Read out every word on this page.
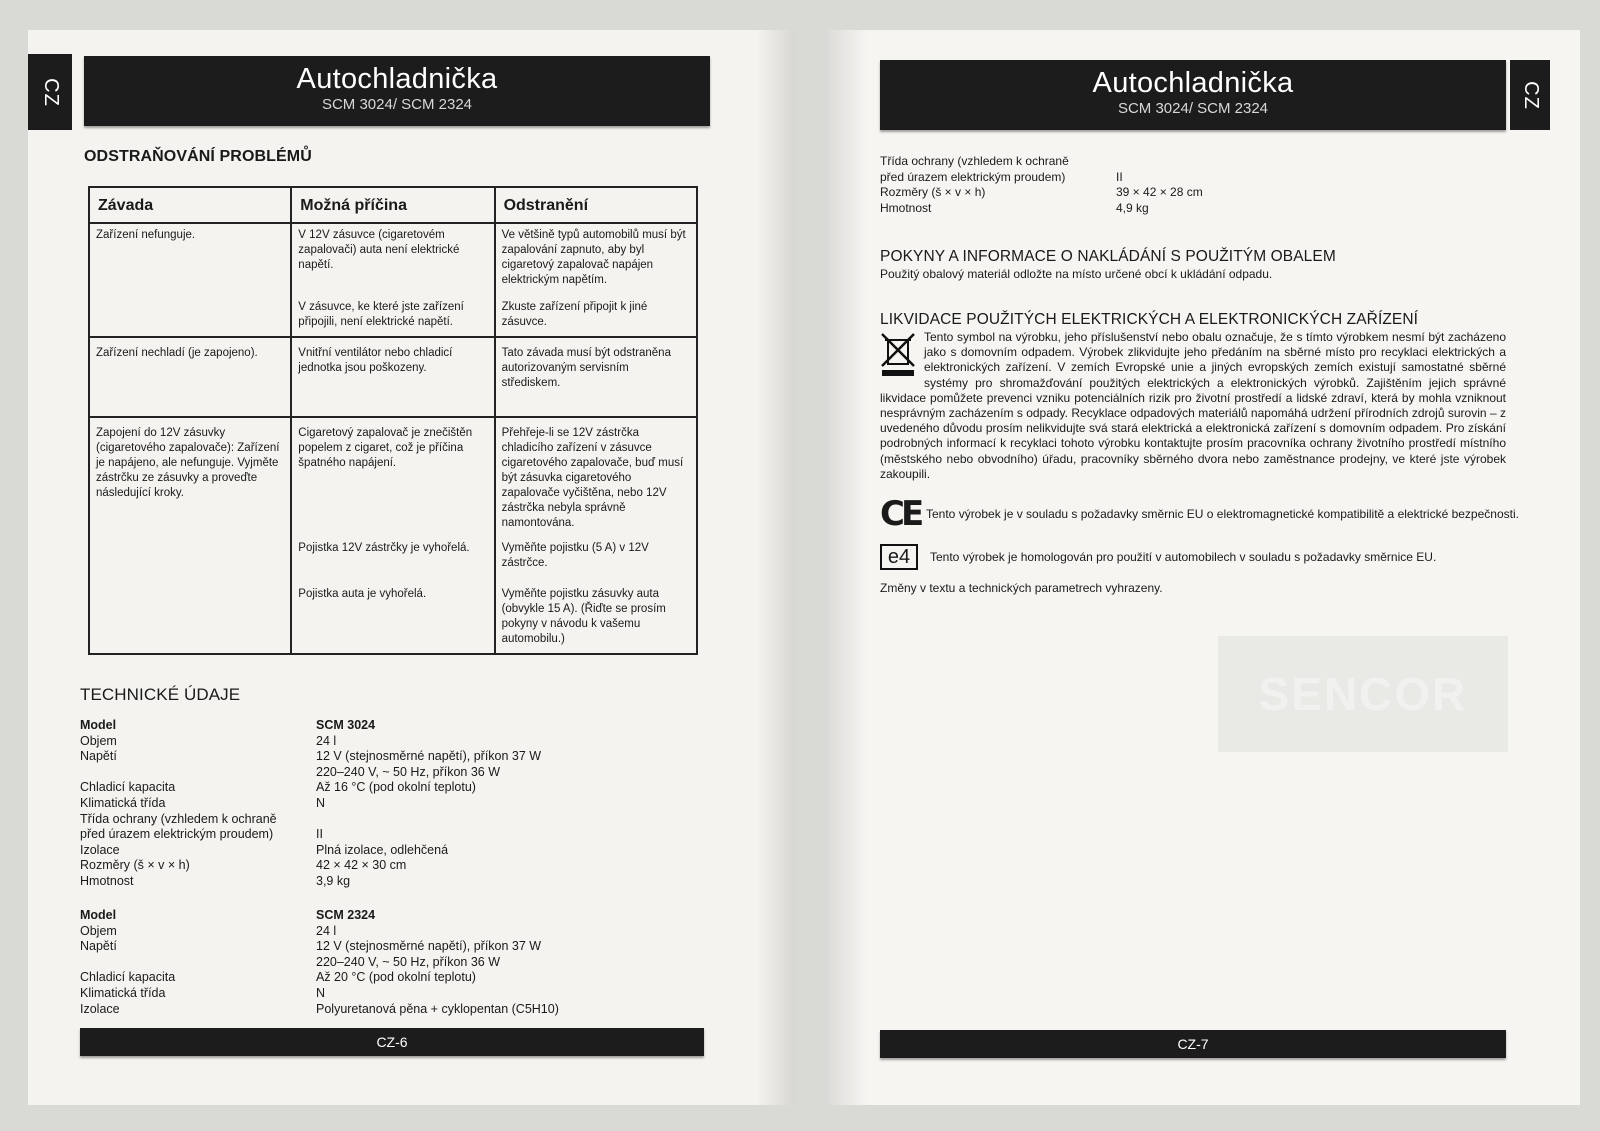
CZ	Autochladnička
SCM 3024/ SCM 2324
ODSTRAŇOVÁNÍ PROBLÉMŮ
Závada	Možná příčina	Odstranění
Zařízení nefunguje.	V 12V zásuvce (cigaretovém zapalovači) auta není elektrické napětí.	Ve většině typů automobilů musí být zapalování zapnuto, aby byl cigaretový zapalovač napájen elektrickým napětím.
	V zásuvce, ke které jste zařízení připojili, není elektrické napětí.	Zkuste zařízení připojit k jiné zásuvce.
Zařízení nechladí (je zapojeno).	Vnitřní ventilátor nebo chladicí jednotka jsou poškozeny.	Tato závada musí být odstraněna autorizovaným servisním střediskem.
Zapojení do 12V zásuvky (cigaretového zapalovače): Zařízení je napájeno, ale nefunguje. Vyjměte zástrčku ze zásuvky a proveďte následující kroky.	Cigaretový zapalovač je znečištěn popelem z cigaret, což je příčina špatného napájení.	Přehřeje-li se 12V zástrčka chladicího zařízení v zásuvce cigaretového zapalovače, buď musí být zásuvka cigaretového zapalovače vyčištěna, nebo 12V zástrčka nebyla správně namontována.
	Pojistka 12V zástrčky je vyhořelá.	Vyměňte pojistku (5 A) v 12V zástrčce.
	Pojistka auta je vyhořelá.	Vyměňte pojistku zásuvky auta (obvykle 15 A). (Řiďte se prosím pokyny v návodu k vašemu automobilu.)
TECHNICKÉ ÚDAJE
Model	SCM 3024
Objem	24 l
Napětí	12 V (stejnosměrné napětí), příkon 37 W
220–240 V, ~ 50 Hz, příkon 36 W
Chladicí kapacita	Až 16 °C (pod okolní teplotu)
Klimatická třída	N
Třída ochrany (vzhledem k ochraně
před úrazem elektrickým proudem)	II
Izolace	Plná izolace, odlehčená
Rozměry (š × v × h)	42 × 42 × 30 cm
Hmotnost	3,9 kg
Model	SCM 2324
Objem	24 l
Napětí	12 V (stejnosměrné napětí), příkon 37 W
220–240 V, ~ 50 Hz, příkon 36 W
Chladicí kapacita	Až 20 °C (pod okolní teplotu)
Klimatická třída	N
Izolace	Polyuretanová pěna + cyklopentan (C5H10)
CZ-6
Autochladnička
SCM 3024/ SCM 2324	CZ
SENCOR
Třída ochrany (vzhledem k ochraně
před úrazem elektrickým proudem)	II
Rozměry (š × v × h)	39 × 42 × 28 cm
Hmotnost	4,9 kg
POKYNY A INFORMACE O NAKLÁDÁNÍ S POUŽITÝM OBALEM
Použitý obalový materiál odložte na místo určené obcí k ukládání odpadu.
LIKVIDACE POUŽITÝCH ELEKTRICKÝCH A ELEKTRONICKÝCH ZAŘÍZENÍ
Tento symbol na výrobku, jeho příslušenství nebo obalu označuje, že s tímto výrobkem nesmí být zacházeno jako s domovním odpadem. Výrobek zlikvidujte jeho předáním na sběrné místo pro recyklaci elektrických a elektronických zařízení. V zemích Evropské unie a jiných evropských zemích existují samostatné sběrné systémy pro shromažďování použitých elektrických a elektronických výrobků. Zajištěním jejich správné likvidace pomůžete prevenci vzniku potenciálních rizik pro životní prostředí a lidské zdraví, která by mohla vzniknout nesprávným zacházením s odpady. Recyklace odpadových materiálů napomáhá udržení přírodních zdrojů surovin – z uvedeného důvodu prosím nelikvidujte svá stará elektrická a elektronická zařízení s domovním odpadem. Pro získání podrobných informací k recyklaci tohoto výrobku kontaktujte prosím pracovníka ochrany životního prostředí místního (městského nebo obvodního) úřadu, pracovníky sběrného dvora nebo zaměstnance prodejny, ve které jste výrobek zakoupili.
CE Tento výrobek je v souladu s požadavky směrnic EU o elektromagnetické kompatibilitě a elektrické bezpečnosti.
e4	Tento výrobek je homologován pro použití v automobilech v souladu s požadavky směrnice EU.
Změny v textu a technických parametrech vyhrazeny.
CZ-7
